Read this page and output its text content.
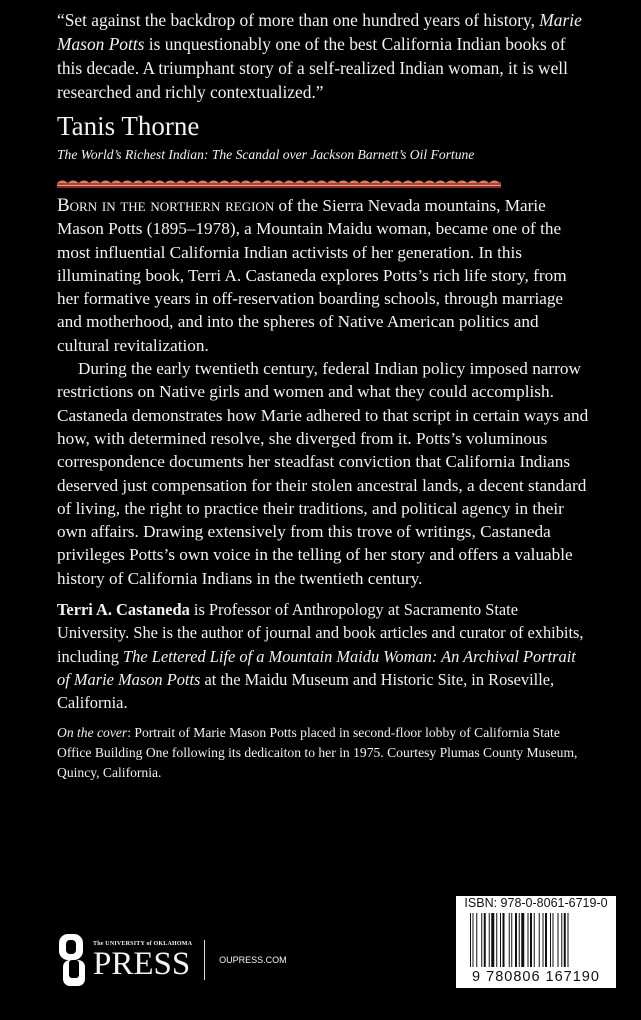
“Set against the backdrop of more than one hundred years of history, Marie Mason Potts is unquestionably one of the best California Indian books of this decade. A triumphant story of a self-realized Indian woman, it is well researched and richly contextualized.”
Tanis Thorne
The World’s Richest Indian: The Scandal over Jackson Barnett’s Oil Fortune

Born in the northern region of the Sierra Nevada mountains, Marie Mason Potts (1895–1978), a Mountain Maidu woman, became one of the most influential California Indian activists of her generation. In this illuminating book, Terri A. Castaneda explores Potts’s rich life story, from her formative years in off-reservation boarding schools, through marriage and motherhood, and into the spheres of Native American politics and cultural revitalization.

During the early twentieth century, federal Indian policy imposed narrow restrictions on Native girls and women and what they could accomplish. Castaneda demonstrates how Marie adhered to that script in certain ways and how, with determined resolve, she diverged from it. Potts’s voluminous correspondence documents her steadfast conviction that California Indians deserved just compensation for their stolen ancestral lands, a decent standard of living, the right to practice their traditions, and political agency in their own affairs. Drawing extensively from this trove of writings, Castaneda privileges Potts’s own voice in the telling of her story and offers a valuable history of California Indians in the twentieth century.

Terri A. Castaneda is Professor of Anthropology at Sacramento State University. She is the author of journal and book articles and curator of exhibits, including The Lettered Life of a Mountain Maidu Woman: An Archival Portrait of Marie Mason Potts at the Maidu Museum and Historic Site, in Roseville, California.
On the cover: Portrait of Marie Mason Potts placed in second-floor lobby of California State Office Building One following its dedicaiton to her in 1975. Courtesy Plumas County Museum, Quincy, California.
The UNIVERSITY of OKLAHOMA
PRESS	OUPRESS.COM
ISBN: 978-0-8061-6719-0
9 780806 167190
